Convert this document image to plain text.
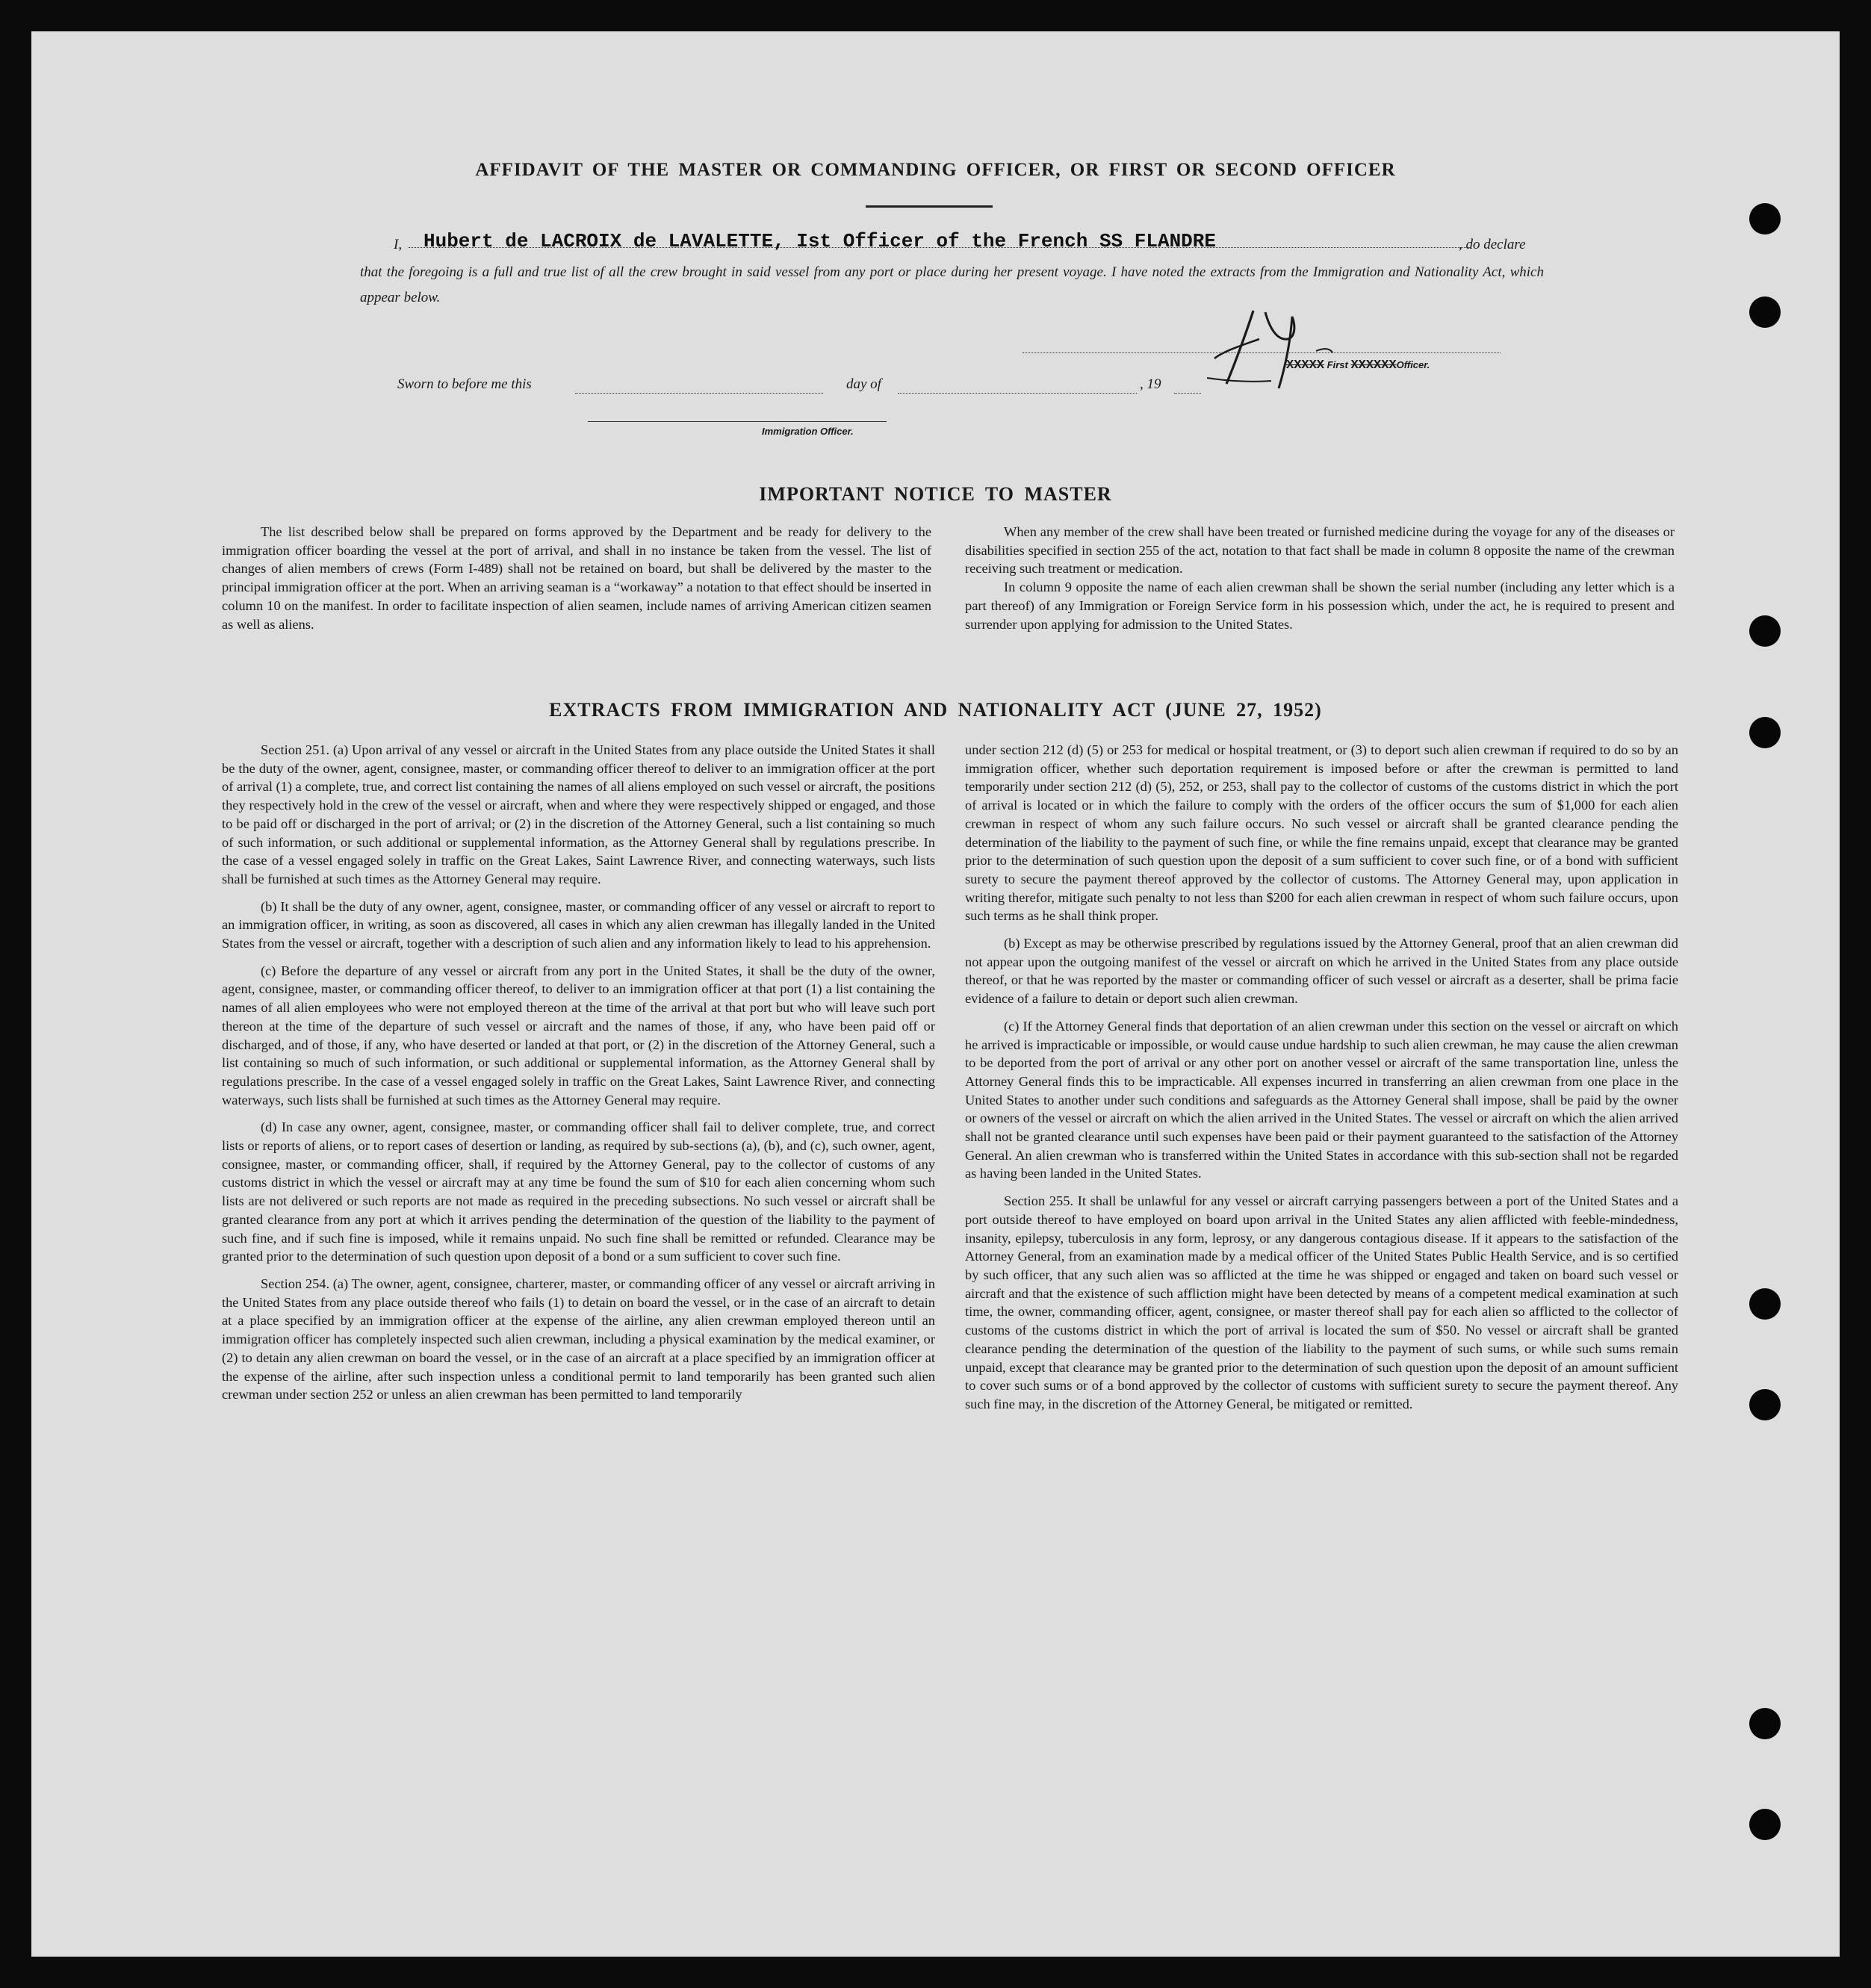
AFFIDAVIT OF THE MASTER OR COMMANDING OFFICER, OR FIRST OR SECOND OFFICER
I, Hubert de LACROIX de LAVALETTE, Ist Officer of the French SS FLANDRE	, do declare
that the foregoing is a full and true list of all the crew brought in said vessel from any port or place during her present voyage. I have noted the extracts from the Immigration and Nationality Act, which appear below.
XXXXX First XXXXXXOfficer.
Sworn to before me this	day of	, 19
Immigration Officer.
IMPORTANT NOTICE TO MASTER

The list described below shall be prepared on forms approved by the Department and be ready for delivery to the immigration officer boarding the vessel at the port of arrival, and shall in no instance be taken from the vessel. The list of changes of alien members of crews (Form I-489) shall not be retained on board, but shall be delivered by the master to the principal immigration officer at the port. When an arriving seaman is a “workaway” a notation to that effect should be inserted in column 10 on the manifest. In order to facilitate inspection of alien seamen, include names of arriving American citizen seamen as well as aliens.

When any member of the crew shall have been treated or furnished medicine during the voyage for any of the diseases or disabilities specified in section 255 of the act, notation to that fact shall be made in column 8 opposite the name of the crewman receiving such treatment or medication.

In column 9 opposite the name of each alien crewman shall be shown the serial number (including any letter which is a part thereof) of any Immigration or Foreign Service form in his possession which, under the act, he is required to present and surrender upon applying for admission to the United States.

EXTRACTS FROM IMMIGRATION AND NATIONALITY ACT (JUNE 27, 1952)

Section 251. (a) Upon arrival of any vessel or aircraft in the United States from any place outside the United States it shall be the duty of the owner, agent, consignee, master, or commanding officer thereof to deliver to an immigration officer at the port of arrival (1) a complete, true, and correct list containing the names of all aliens employed on such vessel or aircraft, the positions they respectively hold in the crew of the vessel or aircraft, when and where they were respectively shipped or engaged, and those to be paid off or discharged in the port of arrival; or (2) in the discretion of the Attorney General, such a list containing so much of such information, or such additional or supplemental information, as the Attorney General shall by regulations prescribe. In the case of a vessel engaged solely in traffic on the Great Lakes, Saint Lawrence River, and connecting waterways, such lists shall be furnished at such times as the Attorney General may require.

(b) It shall be the duty of any owner, agent, consignee, master, or commanding officer of any vessel or aircraft to report to an immigration officer, in writing, as soon as discovered, all cases in which any alien crewman has illegally landed in the United States from the vessel or aircraft, together with a description of such alien and any information likely to lead to his apprehension.

(c) Before the departure of any vessel or aircraft from any port in the United States, it shall be the duty of the owner, agent, consignee, master, or commanding officer thereof, to deliver to an immigration officer at that port (1) a list containing the names of all alien employees who were not employed thereon at the time of the arrival at that port but who will leave such port thereon at the time of the departure of such vessel or aircraft and the names of those, if any, who have been paid off or discharged, and of those, if any, who have deserted or landed at that port, or (2) in the discretion of the Attorney General, such a list containing so much of such information, or such additional or supplemental information, as the Attorney General shall by regulations prescribe. In the case of a vessel engaged solely in traffic on the Great Lakes, Saint Lawrence River, and connecting waterways, such lists shall be furnished at such times as the Attorney General may require.

(d) In case any owner, agent, consignee, master, or commanding officer shall fail to deliver complete, true, and correct lists or reports of aliens, or to report cases of desertion or landing, as required by sub-sections (a), (b), and (c), such owner, agent, consignee, master, or commanding officer, shall, if required by the Attorney General, pay to the collector of customs of any customs district in which the vessel or aircraft may at any time be found the sum of $10 for each alien concerning whom such lists are not delivered or such reports are not made as required in the preceding subsections. No such vessel or aircraft shall be granted clearance from any port at which it arrives pending the determination of the question of the liability to the payment of such fine, and if such fine is imposed, while it remains unpaid. No such fine shall be remitted or refunded. Clearance may be granted prior to the determination of such question upon deposit of a bond or a sum sufficient to cover such fine.

Section 254. (a) The owner, agent, consignee, charterer, master, or commanding officer of any vessel or aircraft arriving in the United States from any place outside thereof who fails (1) to detain on board the vessel, or in the case of an aircraft to detain at a place specified by an immigration officer at the expense of the airline, any alien crewman employed thereon until an immigration officer has completely inspected such alien crewman, including a physical examination by the medical examiner, or (2) to detain any alien crewman on board the vessel, or in the case of an aircraft at a place specified by an immigration officer at the expense of the airline, after such inspection unless a conditional permit to land temporarily has been granted such alien crewman under section 252 or unless an alien crewman has been permitted to land temporarily

under section 212 (d) (5) or 253 for medical or hospital treatment, or (3) to deport such alien crewman if required to do so by an immigration officer, whether such deportation requirement is imposed before or after the crewman is permitted to land temporarily under section 212 (d) (5), 252, or 253, shall pay to the collector of customs of the customs district in which the port of arrival is located or in which the failure to comply with the orders of the officer occurs the sum of $1,000 for each alien crewman in respect of whom any such failure occurs. No such vessel or aircraft shall be granted clearance pending the determination of the liability to the payment of such fine, or while the fine remains unpaid, except that clearance may be granted prior to the determination of such question upon the deposit of a sum sufficient to cover such fine, or of a bond with sufficient surety to secure the payment thereof approved by the collector of customs. The Attorney General may, upon application in writing therefor, mitigate such penalty to not less than $200 for each alien crewman in respect of whom such failure occurs, upon such terms as he shall think proper.

(b) Except as may be otherwise prescribed by regulations issued by the Attorney General, proof that an alien crewman did not appear upon the outgoing manifest of the vessel or aircraft on which he arrived in the United States from any place outside thereof, or that he was reported by the master or commanding officer of such vessel or aircraft as a deserter, shall be prima facie evidence of a failure to detain or deport such alien crewman.

(c) If the Attorney General finds that deportation of an alien crewman under this section on the vessel or aircraft on which he arrived is impracticable or impossible, or would cause undue hardship to such alien crewman, he may cause the alien crewman to be deported from the port of arrival or any other port on another vessel or aircraft of the same transportation line, unless the Attorney General finds this to be impracticable. All expenses incurred in transferring an alien crewman from one place in the United States to another under such conditions and safeguards as the Attorney General shall impose, shall be paid by the owner or owners of the vessel or aircraft on which the alien arrived in the United States. The vessel or aircraft on which the alien arrived shall not be granted clearance until such expenses have been paid or their payment guaranteed to the satisfaction of the Attorney General. An alien crewman who is transferred within the United States in accordance with this sub-section shall not be regarded as having been landed in the United States.

Section 255. It shall be unlawful for any vessel or aircraft carrying passengers between a port of the United States and a port outside thereof to have employed on board upon arrival in the United States any alien afflicted with feeble-mindedness, insanity, epilepsy, tuberculosis in any form, leprosy, or any dangerous contagious disease. If it appears to the satisfaction of the Attorney General, from an examination made by a medical officer of the United States Public Health Service, and is so certified by such officer, that any such alien was so afflicted at the time he was shipped or engaged and taken on board such vessel or aircraft and that the existence of such affliction might have been detected by means of a competent medical examination at such time, the owner, commanding officer, agent, consignee, or master thereof shall pay for each alien so afflicted to the collector of customs of the customs district in which the port of arrival is located the sum of $50. No vessel or aircraft shall be granted clearance pending the determination of the question of the liability to the payment of such sums, or while such sums remain unpaid, except that clearance may be granted prior to the determination of such question upon the deposit of an amount sufficient to cover such sums or of a bond approved by the collector of customs with sufficient surety to secure the payment thereof. Any such fine may, in the discretion of the Attorney General, be mitigated or remitted.
